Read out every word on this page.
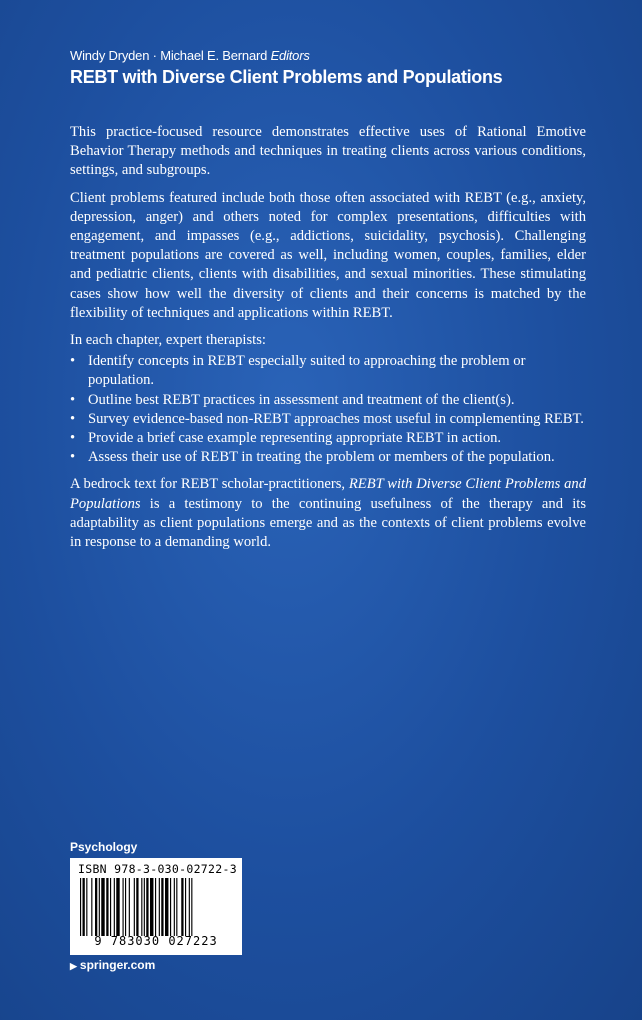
Windy Dryden · Michael E. Bernard Editors
REBT with Diverse Client Problems and Populations

This practice-focused resource demonstrates effective uses of Rational Emotive Behavior Therapy methods and techniques in treating clients across various conditions, settings, and subgroups.

Client problems featured include both those often associated with REBT (e.g., anxiety, depression, anger) and others noted for complex presentations, difficulties with engagement, and impasses (e.g., addictions, suicidality, psychosis). Challenging treatment populations are covered as well, including women, couples, families, elder and pediatric clients, clients with disabilities, and sexual minorities. These stimulating cases show how well the diversity of clients and their concerns is matched by the flexibility of techniques and applications within REBT.

In each chapter, expert therapists:

• Identify concepts in REBT especially suited to approaching the problem or population.
• Outline best REBT practices in assessment and treatment of the client(s).
• Survey evidence-based non-REBT approaches most useful in complementing REBT.
• Provide a brief case example representing appropriate REBT in action.
• Assess their use of REBT in treating the problem or members of the population.

A bedrock text for REBT scholar-practitioners, REBT with Diverse Client Problems and Populations is a testimony to the continuing usefulness of the therapy and its adaptability as client populations emerge and as the contexts of client problems evolve in response to a demanding world.

Psychology
ISBN 978-3-030-02722-3
9 783030 027223
▶ springer.com
